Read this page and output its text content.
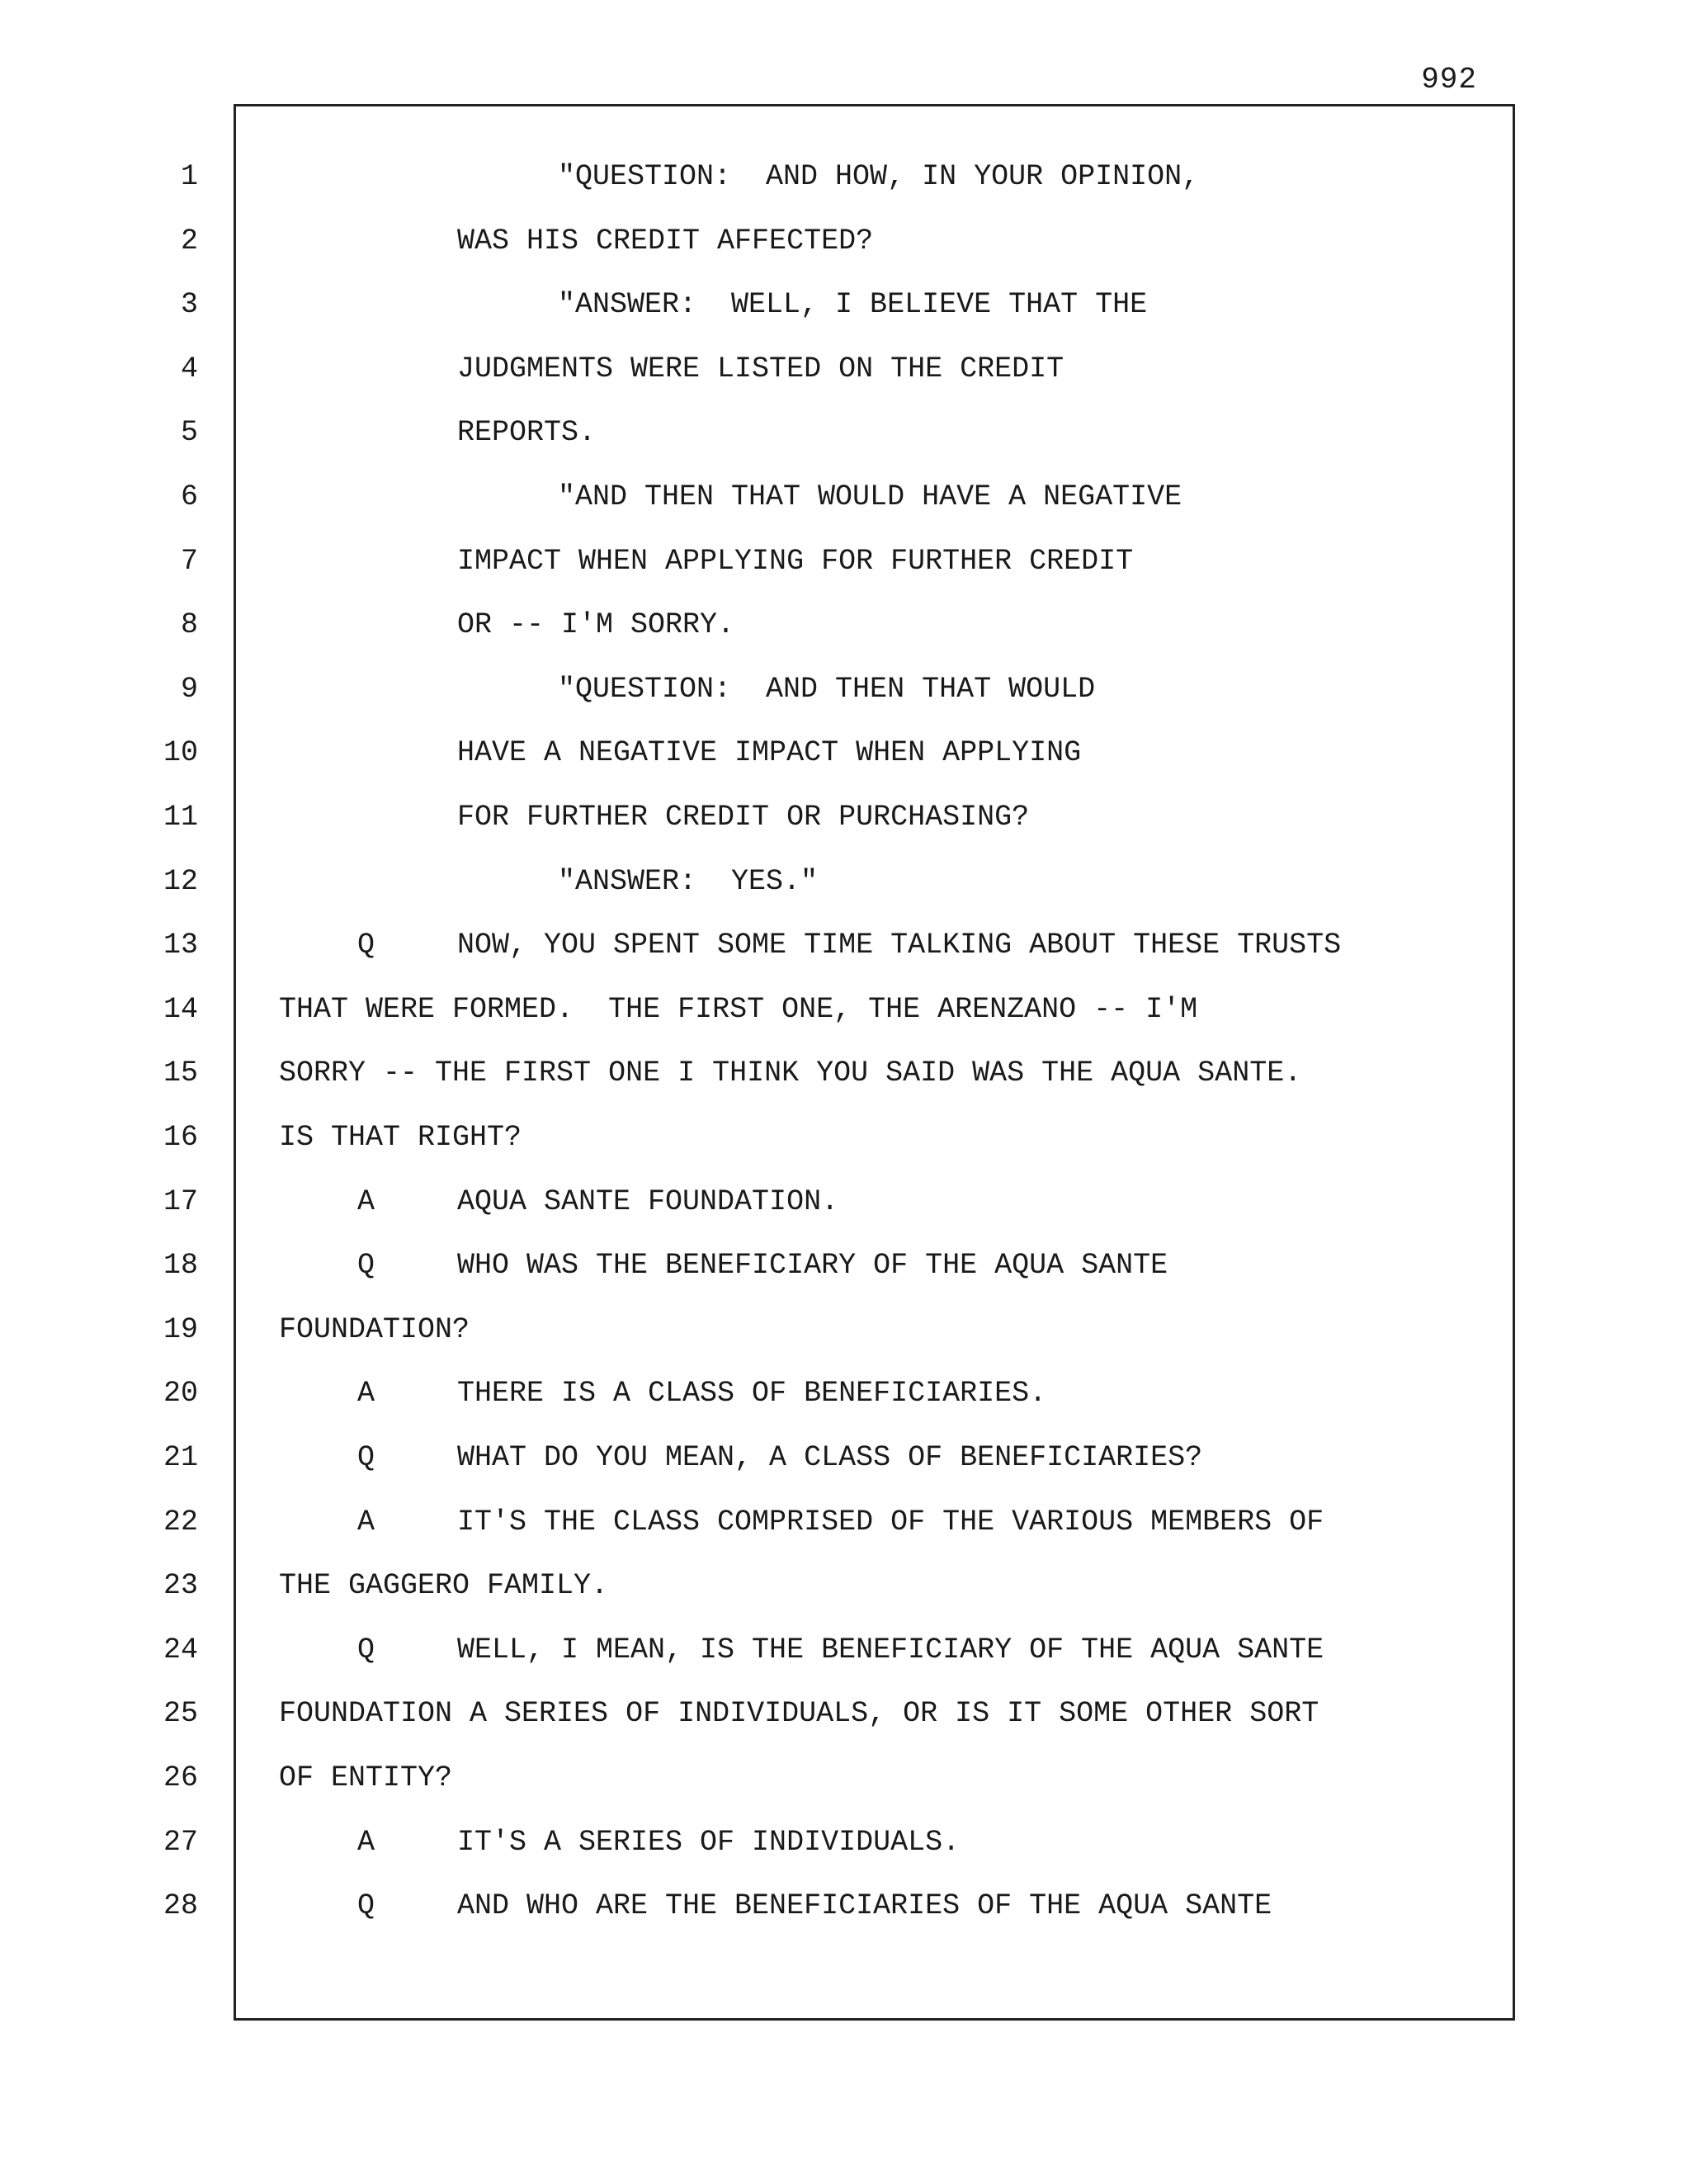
992
1	"QUESTION:  AND HOW, IN YOUR OPINION,
2	WAS HIS CREDIT AFFECTED?
3	"ANSWER:  WELL, I BELIEVE THAT THE
4	JUDGMENTS WERE LISTED ON THE CREDIT
5	REPORTS.
6	"AND THEN THAT WOULD HAVE A NEGATIVE
7	IMPACT WHEN APPLYING FOR FURTHER CREDIT
8	OR -- I'M SORRY.
9	"QUESTION:  AND THEN THAT WOULD
10	HAVE A NEGATIVE IMPACT WHEN APPLYING
11	FOR FURTHER CREDIT OR PURCHASING?
12	"ANSWER:  YES."
13	Q	NOW, YOU SPENT SOME TIME TALKING ABOUT THESE TRUSTS
14	THAT WERE FORMED.  THE FIRST ONE, THE ARENZANO -- I'M
15	SORRY -- THE FIRST ONE I THINK YOU SAID WAS THE AQUA SANTE.
16	IS THAT RIGHT?
17	A	AQUA SANTE FOUNDATION.
18	Q	WHO WAS THE BENEFICIARY OF THE AQUA SANTE
19	FOUNDATION?
20	A	THERE IS A CLASS OF BENEFICIARIES.
21	Q	WHAT DO YOU MEAN, A CLASS OF BENEFICIARIES?
22	A	IT'S THE CLASS COMPRISED OF THE VARIOUS MEMBERS OF
23	THE GAGGERO FAMILY.
24	Q	WELL, I MEAN, IS THE BENEFICIARY OF THE AQUA SANTE
25	FOUNDATION A SERIES OF INDIVIDUALS, OR IS IT SOME OTHER SORT
26	OF ENTITY?
27	A	IT'S A SERIES OF INDIVIDUALS.
28	Q	AND WHO ARE THE BENEFICIARIES OF THE AQUA SANTE
